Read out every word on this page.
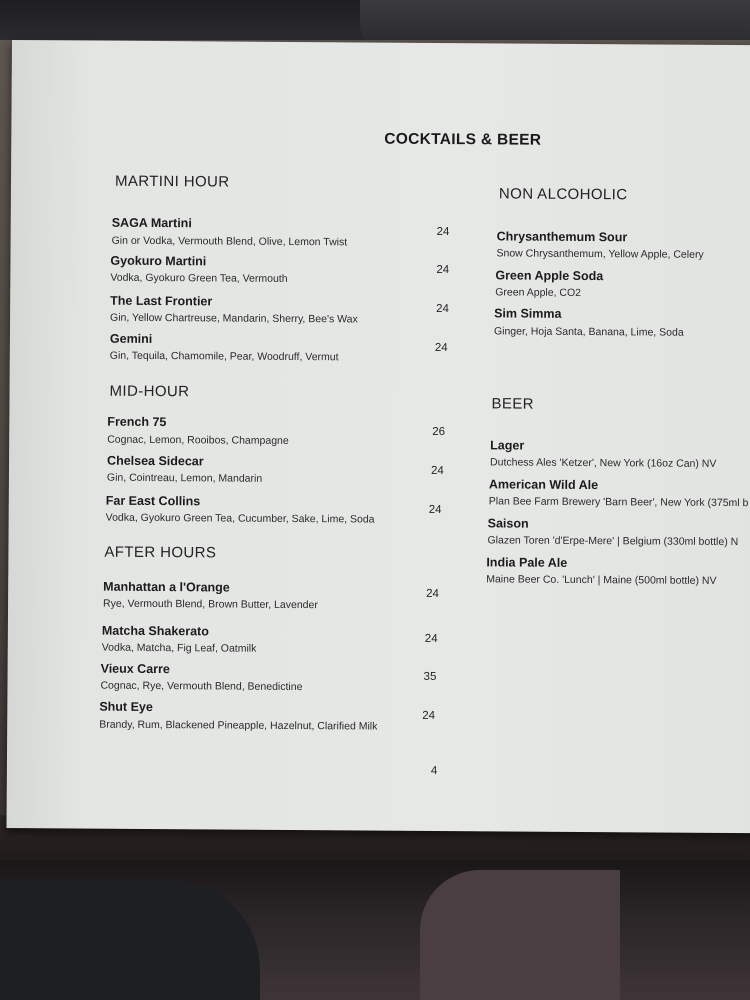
COCKTAILS & BEER
MARTINI HOUR
SAGA Martini
Gin or Vodka, Vermouth Blend, Olive, Lemon Twist
24
Gyokuro Martini
Vodka, Gyokuro Green Tea, Vermouth
24
The Last Frontier
Gin, Yellow Chartreuse, Mandarin, Sherry, Bee's Wax
24
Gemini
Gin, Tequila, Chamomile, Pear, Woodruff, Vermut
24
MID-HOUR
French 75
Cognac, Lemon, Rooibos, Champagne
26
Chelsea Sidecar
Gin, Cointreau, Lemon, Mandarin
24
Far East Collins
Vodka, Gyokuro Green Tea, Cucumber, Sake, Lime, Soda
24
AFTER HOURS
Manhattan a l'Orange
Rye, Vermouth Blend, Brown Butter, Lavender
24
Matcha Shakerato
Vodka, Matcha, Fig Leaf, Oatmilk
24
Vieux Carre
Cognac, Rye, Vermouth Blend, Benedictine
35
Shut Eye
Brandy, Rum, Blackened Pineapple, Hazelnut, Clarified Milk
24
NON ALCOHOLIC
Chrysanthemum Sour
Snow Chrysanthemum, Yellow Apple, Celery
Green Apple Soda
Green Apple, CO2
Sim Simma
Ginger, Hoja Santa, Banana, Lime, Soda
BEER
Lager
Dutchess Ales 'Ketzer', New York (16oz Can) NV
American Wild Ale
Plan Bee Farm Brewery 'Barn Beer', New York (375ml b
Saison
Glazen Toren 'd'Erpe-Mere' | Belgium (330ml bottle) N
India Pale Ale
Maine Beer Co. 'Lunch' | Maine (500ml bottle) NV
4
